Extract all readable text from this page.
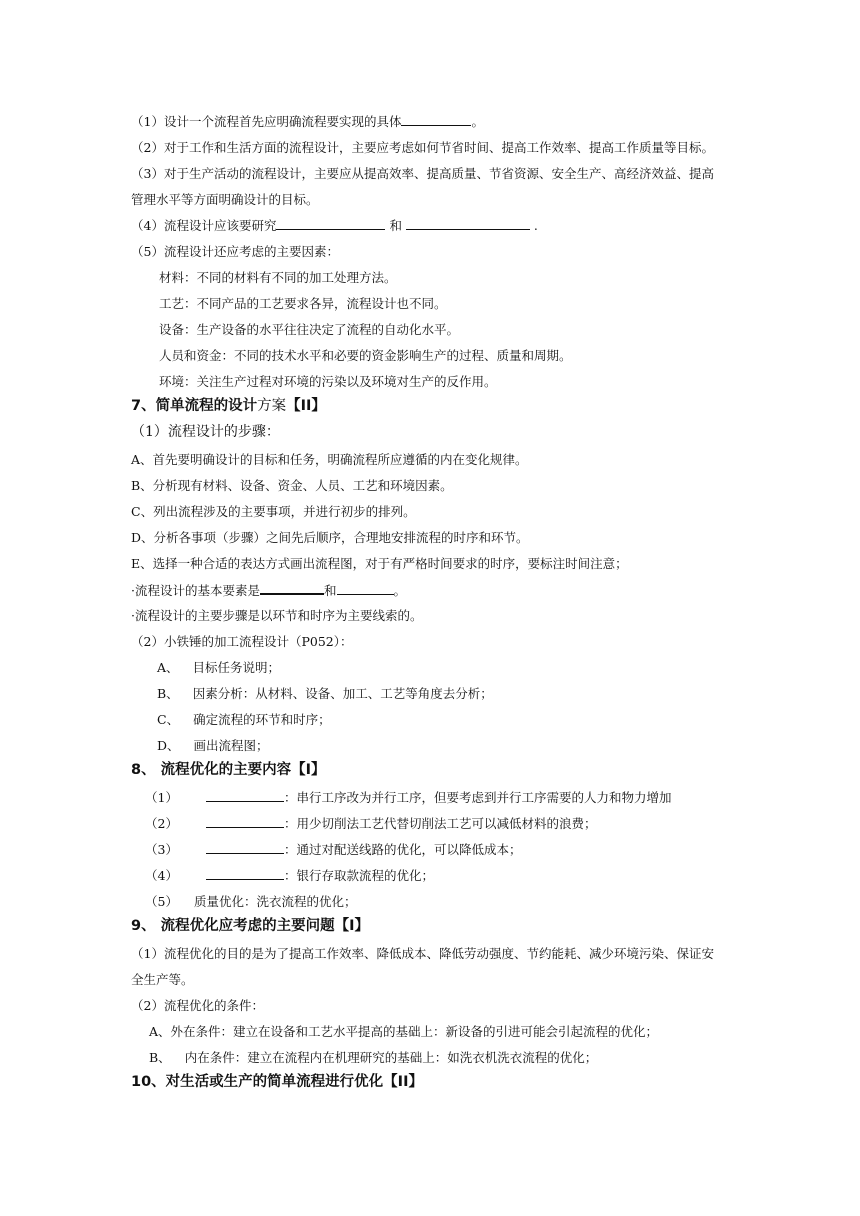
（1）设计一个流程首先应明确流程要实现的具体	。
（2）对于工作和生活方面的流程设计，主要应考虑如何节省时间、提高工作效率、提高工作质量等目标。
（3）对于生产活动的流程设计，主要应从提高效率、提高质量、节省资源、安全生产、高经济效益、提高
管理水平等方面明确设计的目标。
（4）流程设计应该要研究	和	.
（5）流程设计还应考虑的主要因素：
材料：不同的材料有不同的加工处理方法。
工艺：不同产品的工艺要求各异，流程设计也不同。
设备：生产设备的水平往往决定了流程的自动化水平。
人员和资金：不同的技术水平和必要的资金影响生产的过程、质量和周期。
环境：关注生产过程对环境的污染以及环境对生产的反作用。
7、简单流程的设计方案【II】
（1）流程设计的步骤：
A、首先要明确设计的目标和任务，明确流程所应遵循的内在变化规律。
B、分析现有材料、设备、资金、人员、工艺和环境因素。
C、列出流程涉及的主要事项，并进行初步的排列。
D、分析各事项（步骤）之间先后顺序，合理地安排流程的时序和环节。
E、选择一种合适的表达方式画出流程图，对于有严格时间要求的时序，要标注时间注意；
·流程设计的基本要素是	和	。
·流程设计的主要步骤是以环节和时序为主要线索的。
（2）小铁锤的加工流程设计（P052）：
A、 目标任务说明；
B、 因素分析：从材料、设备、加工、工艺等角度去分析；
C、 确定流程的环节和时序；
D、 画出流程图；
8、 流程优化的主要内容【I】
（1）	：串行工序改为并行工序，但要考虑到并行工序需要的人力和物力增加
（2）	：用少切削法工艺代替切削法工艺可以减低材料的浪费；
（3）	：通过对配送线路的优化，可以降低成本；
（4）	：银行存取款流程的优化；
（5） 质量优化：洗衣流程的优化；
9、 流程优化应考虑的主要问题【I】
（1）流程优化的目的是为了提高工作效率、降低成本、降低劳动强度、节约能耗、减少环境污染、保证安
全生产等。
（2）流程优化的条件：
A、外在条件：建立在设备和工艺水平提高的基础上：新设备的引进可能会引起流程的优化；
B、 内在条件：建立在流程内在机理研究的基础上：如洗衣机洗衣流程的优化；
10、对生活或生产的简单流程进行优化【II】
